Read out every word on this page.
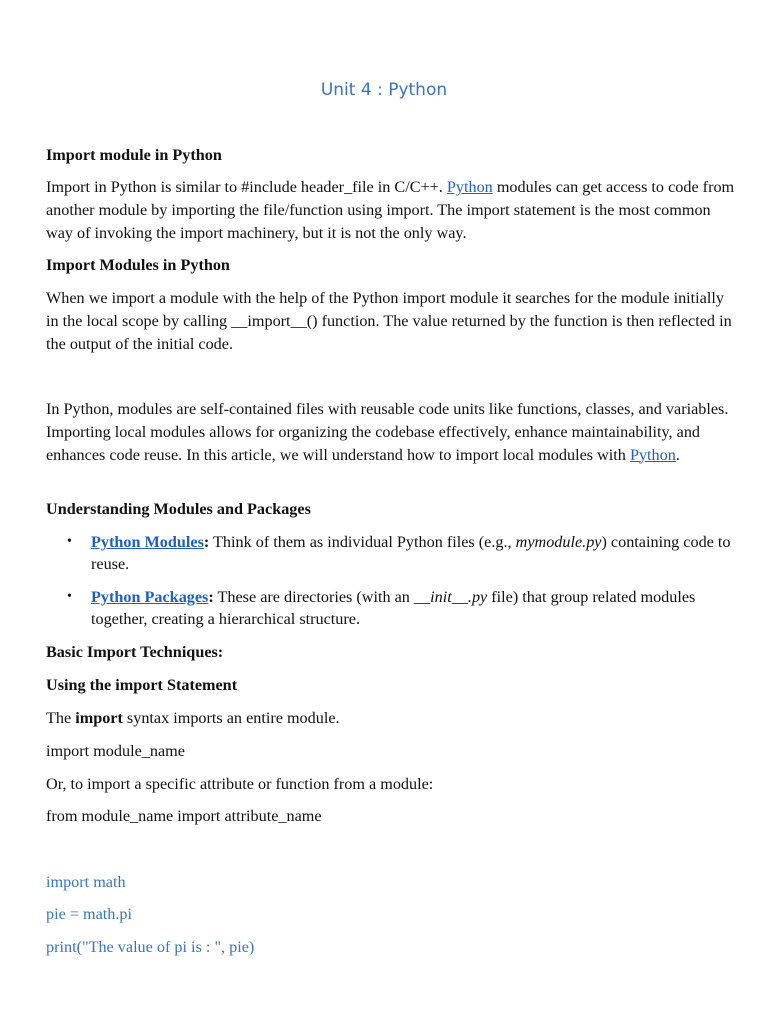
Unit 4 : Python

Import module in Python

Import in Python is similar to #include header_file in C/C++. Python modules can get access to code from another module by importing the file/function using import. The import statement is the most common way of invoking the import machinery, but it is not the only way.

Import Modules in Python

When we import a module with the help of the Python import module it searches for the module initially in the local scope by calling __import__() function. The value returned by the function is then reflected in the output of the initial code.

In Python, modules are self-contained files with reusable code units like functions, classes, and variables. Importing local modules allows for organizing the codebase effectively, enhance maintainability, and enhances code reuse. In this article, we will understand how to import local modules with Python.

Understanding Modules and Packages

• Python Modules: Think of them as individual Python files (e.g., mymodule.py) containing code to reuse.

• Python Packages: These are directories (with an __init__.py file) that group related modules together, creating a hierarchical structure.

Basic Import Techniques:

Using the import Statement

The import syntax imports an entire module.

import module_name

Or, to import a specific attribute or function from a module:

from module_name import attribute_name

import math

pie = math.pi

print("The value of pi is : ", pie)
